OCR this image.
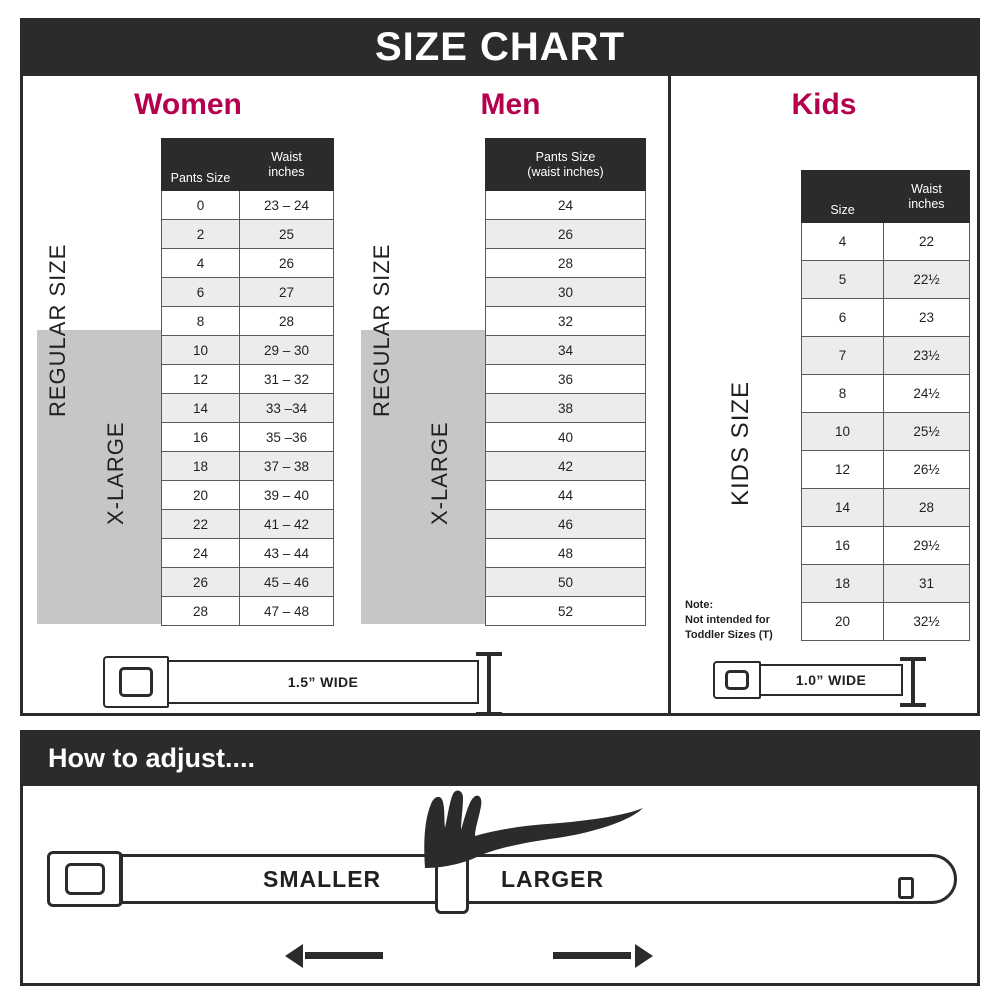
SIZE CHART
Women
REGULAR SIZE
X-LARGE
Pants Size	Waist
inches
0	23 – 24
2	25
4	26
6	27
8	28
10	29 – 30
12	31 – 32
14	33 –34
16	35 –36
18	37 – 38
20	39 – 40
22	41 – 42
24	43 – 44
26	45 – 46
28	47 – 48
1.5” WIDE
Men
REGULAR SIZE
X-LARGE
Pants Size
(waist inches)
24
26
28
30
32
34
36
38
40
42
44
46
48
50
52
Kids
KIDS SIZE
Size	Waist
inches
4	22
5	22½
6	23
7	23½
8	24½
10	25½
12	26½
14	28
16	29½
18	31
20	32½
Note:
Not intended for
Toddler Sizes (T)
1.0” WIDE
How to adjust....
SMALLER	LARGER
